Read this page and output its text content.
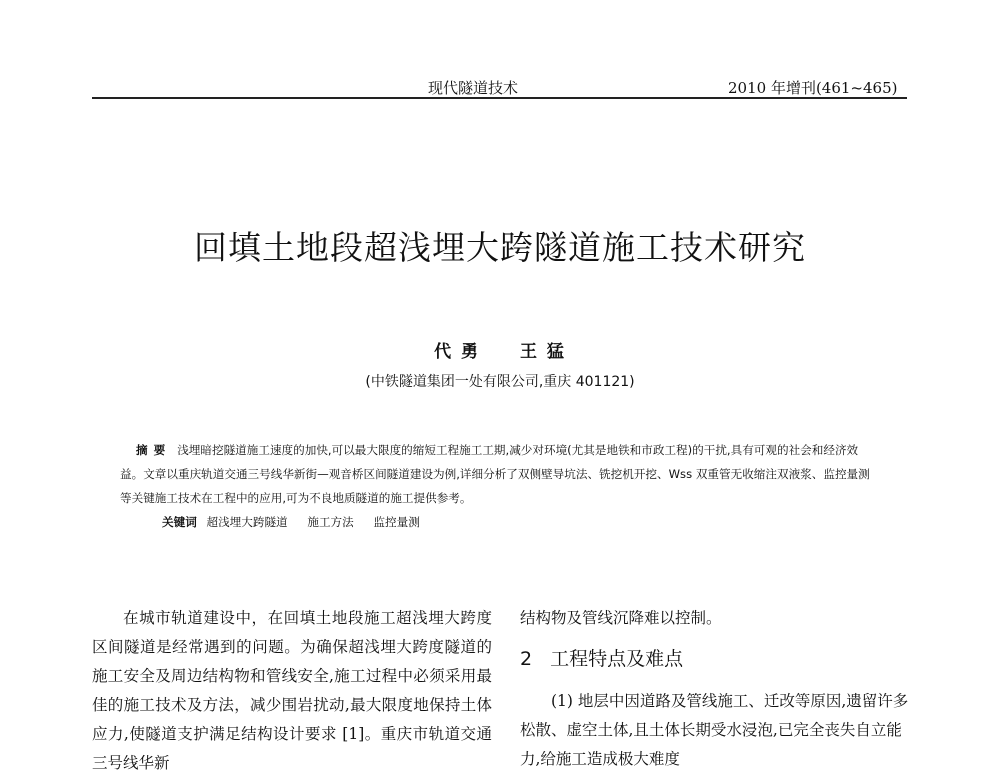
现代隧道技术	2010 年增刊(461~465)
回填土地段超浅埋大跨隧道施工技术研究
代 勇 王 猛
(中铁隧道集团一处有限公司,重庆 401121)

摘要 浅埋暗挖隧道施工速度的加快,可以最大限度的缩短工程施工工期,减少对环境(尤其是地铁和市政工程)的干扰,具有可观的社会和经济效益。文章以重庆轨道交通三号线华新街—观音桥区间隧道建设为例,详细分析了双侧壁导坑法、铣挖机开挖、Wss 双重管无收缩注双液浆、监控量测等关键施工技术在工程中的应用,可为不良地质隧道的施工提供参考。

关键词 超浅埋大跨隧道 施工方法 监控量测

在城市轨道建设中，在回填土地段施工超浅埋大跨度区间隧道是经常遇到的问题。为确保超浅埋大跨度隧道的施工安全及周边结构物和管线安全,施工过程中必须采用最佳的施工技术及方法，减少围岩扰动,最大限度地保持土体应力,使隧道支护满足结构设计要求 [1]。重庆市轨道交通三号线华新

结构物及管线沉降难以控制。

2 工程特点及难点

(1) 地层中因道路及管线施工、迁改等原因,遗留许多松散、虚空土体,且土体长期受水浸泡,已完全丧失自立能力,给施工造成极大难度
